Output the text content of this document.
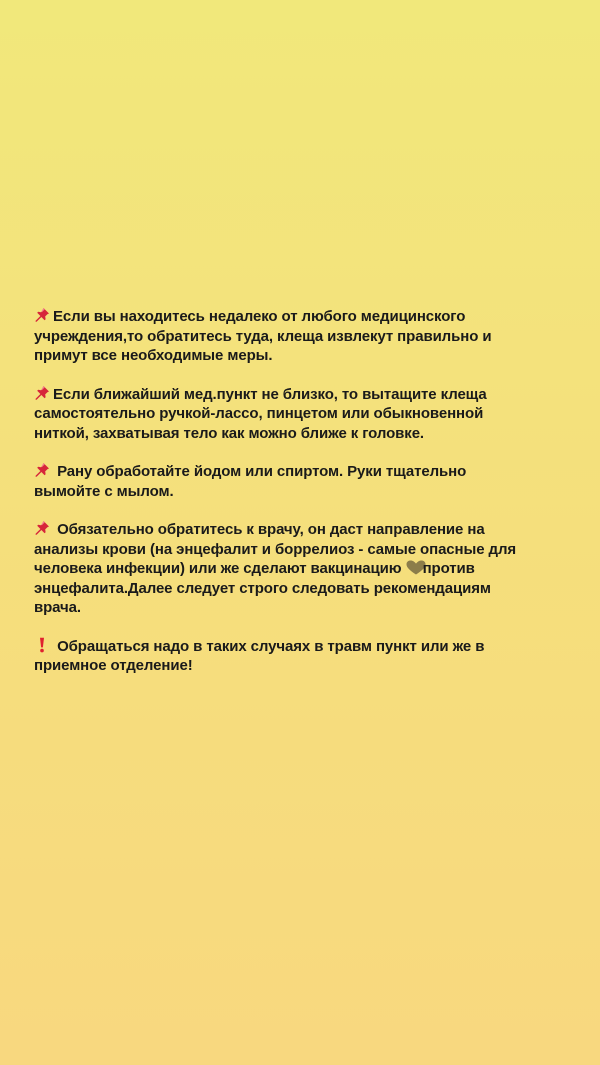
Если вы находитесь недалеко от любого медицинского

учреждения,то обратитесь туда, клеща извлекут правильно и

примут все необходимые меры.

Если ближайший мед.пункт не близко, то вытащите клеща

самостоятельно ручкой-лассо, пинцетом или обыкновенной

ниткой, захватывая тело как можно ближе к головке.

Рану обработайте йодом или спиртом. Руки тщательно

вымойте с мылом.

Обязательно обратитесь к врачу, он даст направление на

анализы крови (на энцефалит и боррелиоз - самые опасные для

человека инфекции) или же сделают вакцинацию против

энцефалита.Далее следует строго следовать рекомендациям

врача.

Обращаться надо в таких случаях в травм пункт или же в

приемное отделение!
